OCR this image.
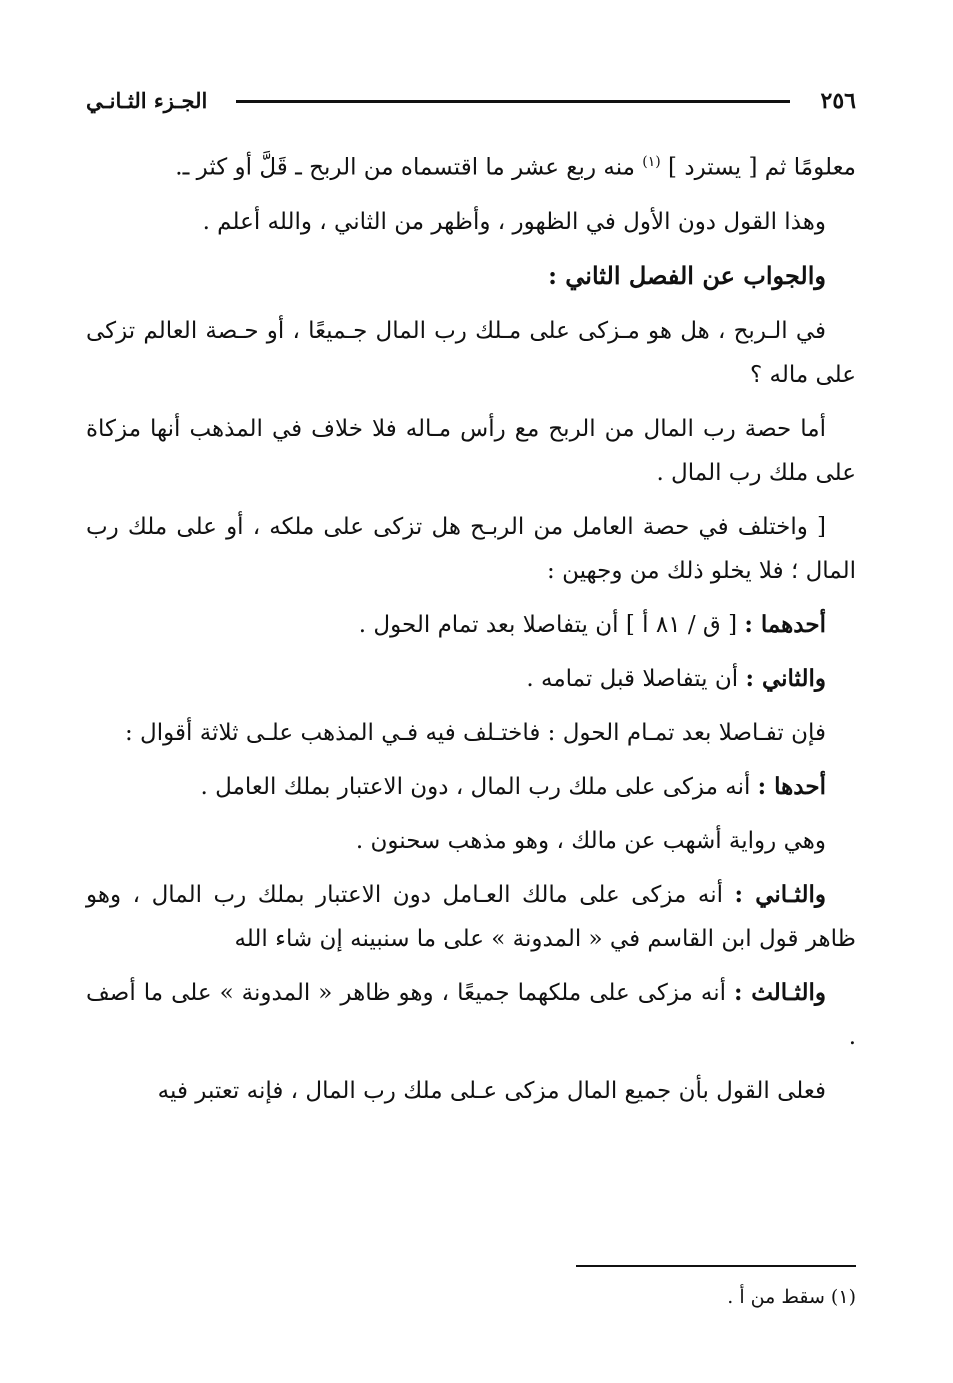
٢٥٦
الجـزء الثـانـي

معلومًا ثم [ يسترد ] $^{(١)}$ منه ربع عشر ما اقتسماه من الربح ـ قَلَّ أو كثر ـ.

وهذا القول دون الأول في الظهور ، وأظهر من الثاني ، والله أعلم .

والجواب عن الفصل الثاني :

في الـربح ، هل هو مـزكى على مـلك رب المال جـميعًا ، أو حـصة العالم تزكى على ماله ؟

أما حصة رب المال من الربح مع رأس مـاله فلا خلاف في المذهب أنها مزكاة على ملك رب المال .

[ واختلف في حصة العامل من الربـح هل تزكى على ملكه ، أو على ملك رب المال ؛ فلا يخلو ذلك من وجهين :

أحدهما : [ ق / ٨١ أ ] أن يتفاصلا بعد تمام الحول .

والثاني : أن يتفاصلا قبل تمامه .

فإن تفـاصلا بعد تمـام الحول : فاختـلف فيه فـي المذهب علـى ثلاثة أقوال :

أحدها : أنه مزكى على ملك رب المال ، دون الاعتبار بملك العامل .

وهي رواية أشهب عن مالك ، وهو مذهب سحنون .

والثـاني : أنه مزكى على مالك العـامل دون الاعتبار بملك رب المال ، وهو ظاهر قول ابن القاسم في « المدونة » على ما سنبينه إن شاء الله

والثـالث : أنه مزكى على ملكهما جميعًا ، وهو ظاهر « المدونة » على ما أصف .

فعلى القول بأن جميع المال مزكى عـلى ملك رب المال ، فإنه تعتبر فيه

(١) سقط من أ .
